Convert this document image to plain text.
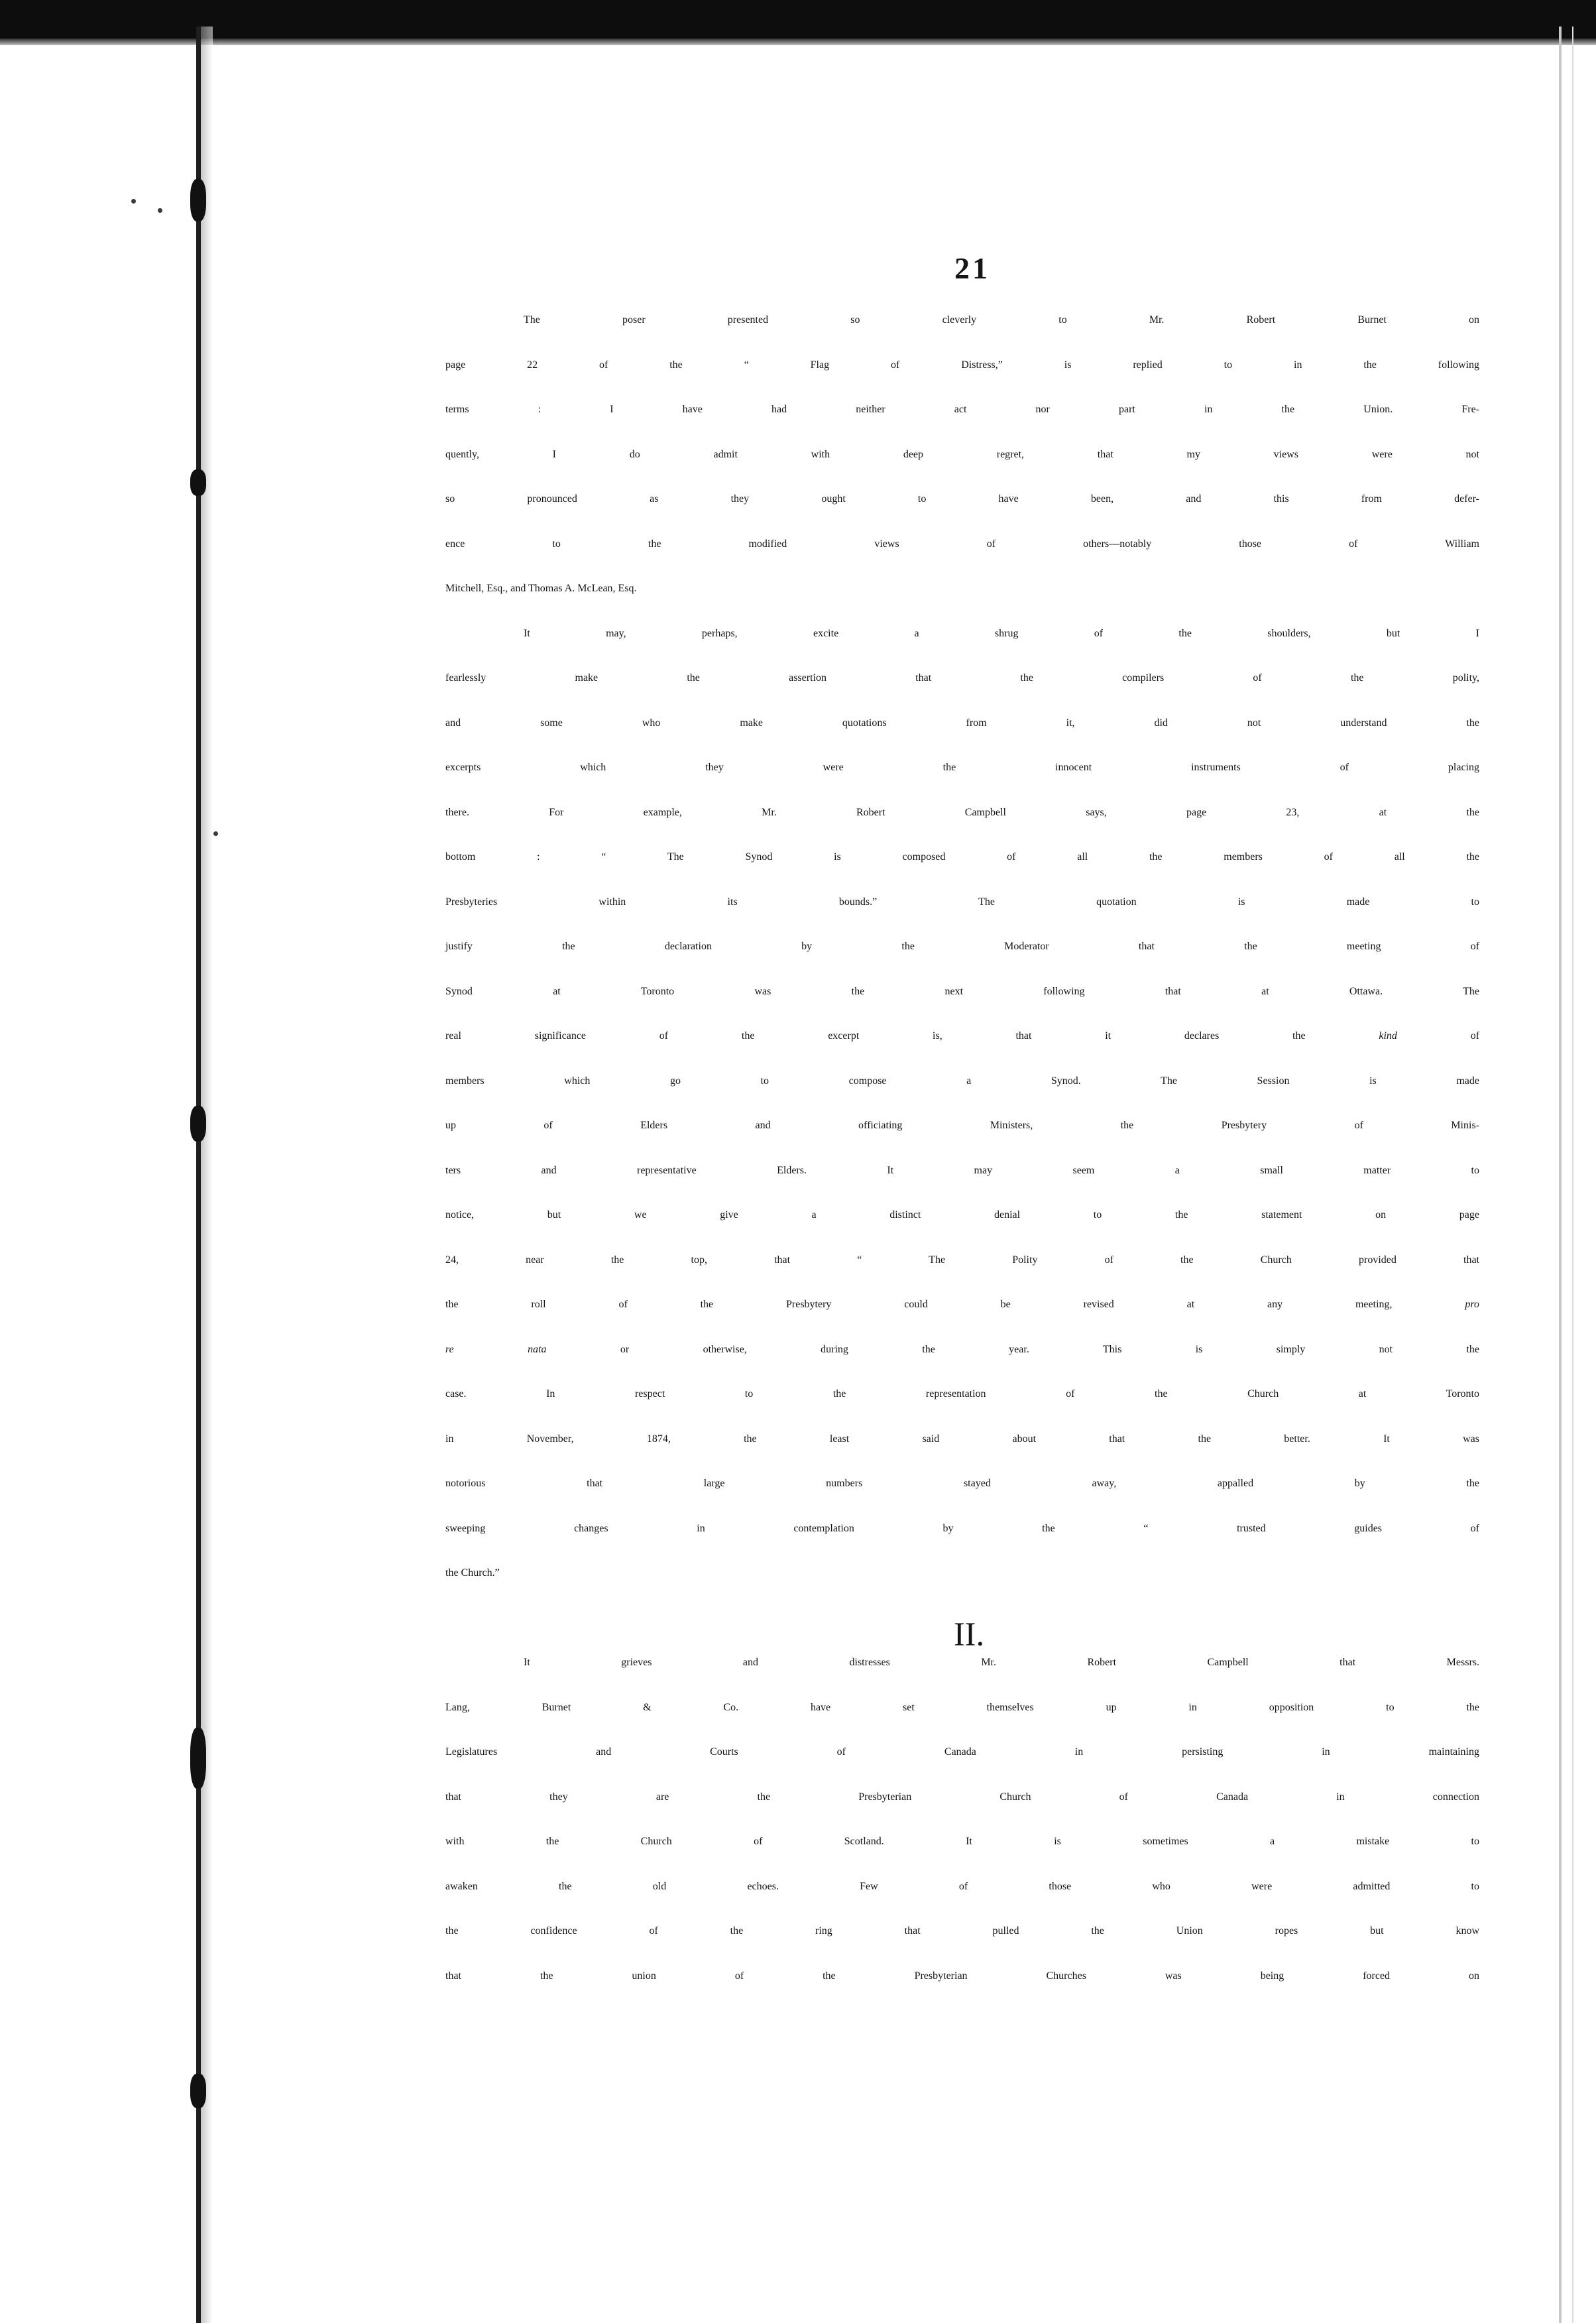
21
The poser presented so cleverly to Mr. Robert Burnet on
page 22 of the “ Flag of Distress,” is replied to in the following
terms : I have had neither act nor part in the Union. Fre-
quently, I do admit with deep regret, that my views were not
so pronounced as they ought to have been, and this from defer-
ence to the modified views of others—notably those of William
Mitchell, Esq., and Thomas A. McLean, Esq.
It may, perhaps, excite a shrug of the shoulders, but I
fearlessly make the assertion that the compilers of the polity,
and some who make quotations from it, did not understand the
excerpts which they were the innocent instruments of placing
there. For example, Mr. Robert Campbell says, page 23, at the
bottom : “ The Synod is composed of all the members of all the
Presbyteries within its bounds.” The quotation is made to
justify the declaration by the Moderator that the meeting of
Synod at Toronto was the next following that at Ottawa. The
real significance of the excerpt is, that it declares the	kind	of
members which go to compose a Synod. The Session is made
up of Elders and officiating Ministers, the Presbytery of Minis-
ters and representative Elders. It may seem a small matter to
notice, but we give a distinct denial to the statement on page
24, near the top, that “ The Polity of the Church provided that
the roll of the Presbytery could be revised at any meeting,	pro
re nata	or otherwise, during the year. This is simply not the
case. In respect to the representation of the Church at Toronto
in November, 1874, the least said about that the better. It was
notorious that large numbers stayed away, appalled by the
sweeping changes in contemplation by the “ trusted guides of
the Church.”

II.

It grieves and distresses Mr. Robert Campbell that Messrs.
Lang, Burnet & Co. have set themselves up in opposition to the
Legislatures and Courts of Canada in persisting in maintaining
that they are the Presbyterian Church of Canada in connection
with the Church of Scotland. It is sometimes a mistake to
awaken the old echoes. Few of those who were admitted to
the confidence of the ring that pulled the Union ropes but know
that the union of the Presbyterian Churches was being forced on
